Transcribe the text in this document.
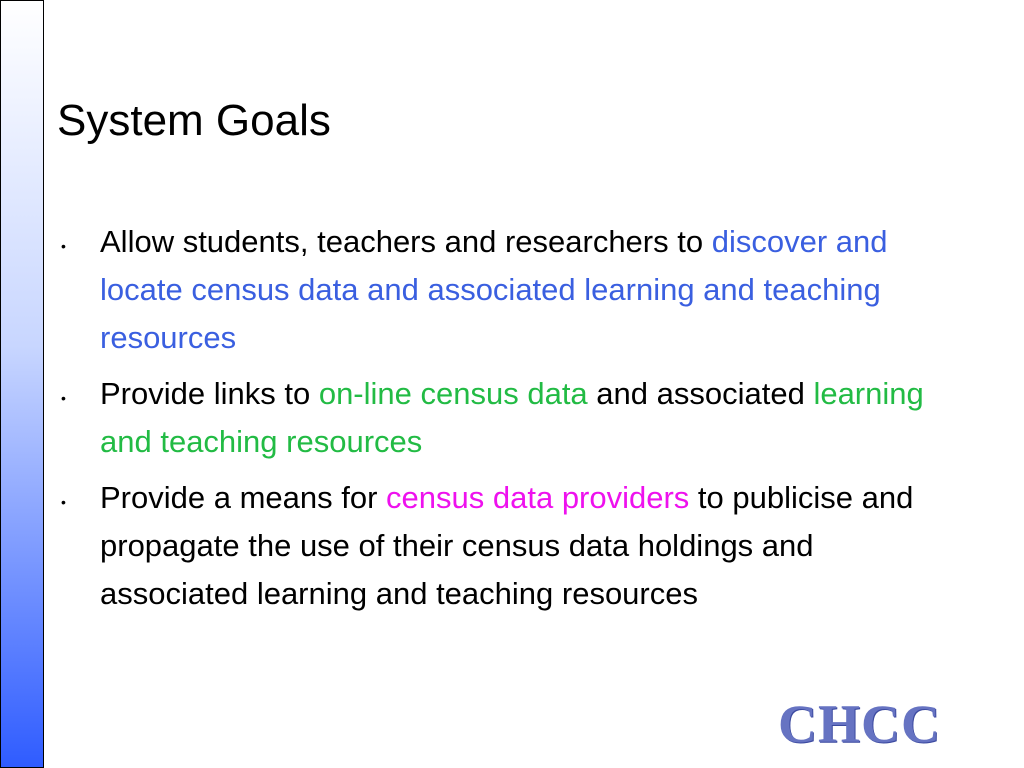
System Goals
• Allow students, teachers and researchers to discover and locate census data and associated learning and teaching resources
• Provide links to on-line census data and associated learning and teaching resources
• Provide a means for census data providers to publicise and propagate the use of their census data holdings and associated learning and teaching resources
CHCC
